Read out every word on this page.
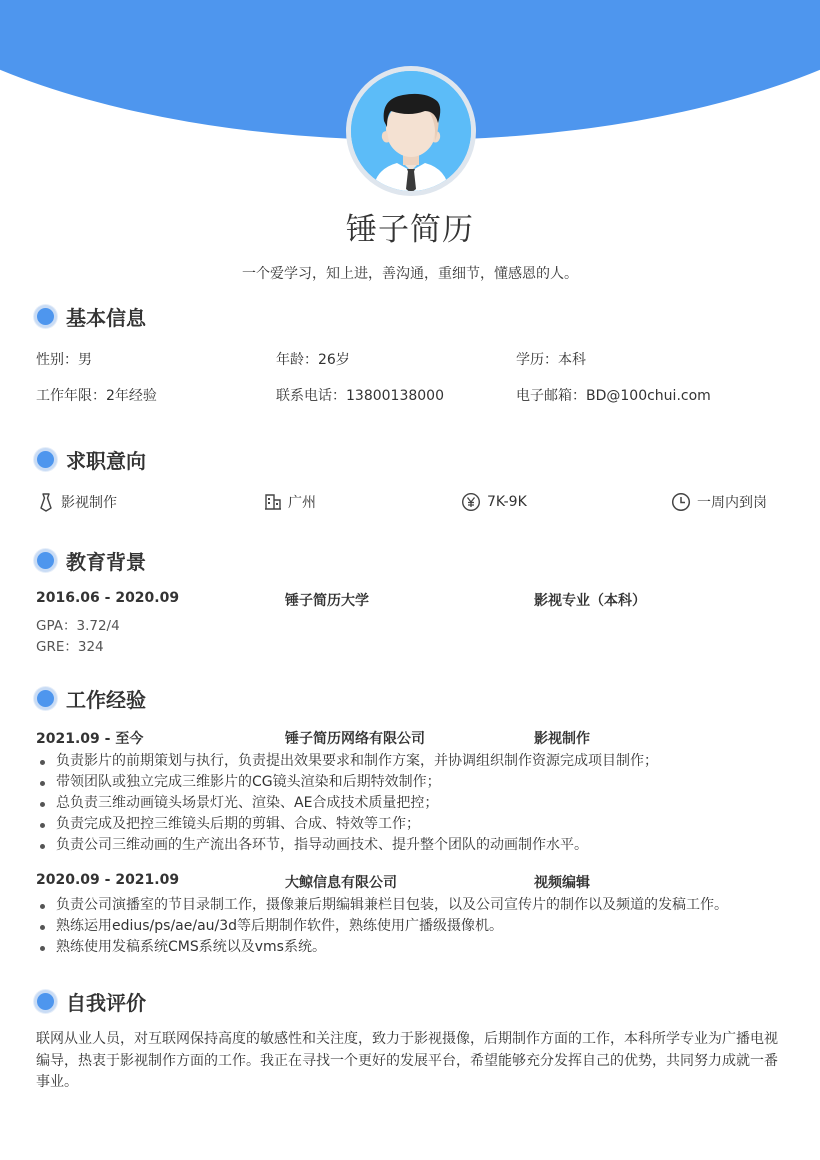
锤子简历
一个爱学习，知上进，善沟通，重细节，懂感恩的人。
基本信息
性别：男	年龄：26岁	学历：本科
工作年限：2年经验	联系电话：13800138000	电子邮箱：BD@100chui.com
求职意向
影视制作	广州	7K-9K	一周内到岗
教育背景
2016.06 - 2020.09	锤子简历大学	影视专业（本科）
GPA：3.72/4
GRE：324
工作经验
2021.09 - 至今	锤子简历网络有限公司	影视制作
负责影片的前期策划与执行，负责提出效果要求和制作方案，并协调组织制作资源完成项目制作；
带领团队或独立完成三维影片的CG镜头渲染和后期特效制作；
总负责三维动画镜头场景灯光、渲染、AE合成技术质量把控；
负责完成及把控三维镜头后期的剪辑、合成、特效等工作；
负责公司三维动画的生产流出各环节，指导动画技术、提升整个团队的动画制作水平。
2020.09 - 2021.09	大鲸信息有限公司	视频编辑
负责公司演播室的节目录制工作，摄像兼后期编辑兼栏目包装，以及公司宣传片的制作以及频道的发稿工作。
熟练运用edius/ps/ae/au/3d等后期制作软件，熟练使用广播级摄像机。
熟练使用发稿系统CMS系统以及vms系统。
自我评价
联网从业人员，对互联网保持高度的敏感性和关注度，致力于影视摄像，后期制作方面的工作，本科所学专业为广播电视
编导，热衷于影视制作方面的工作。我正在寻找一个更好的发展平台，希望能够充分发挥自己的优势，共同努力成就一番
事业。
